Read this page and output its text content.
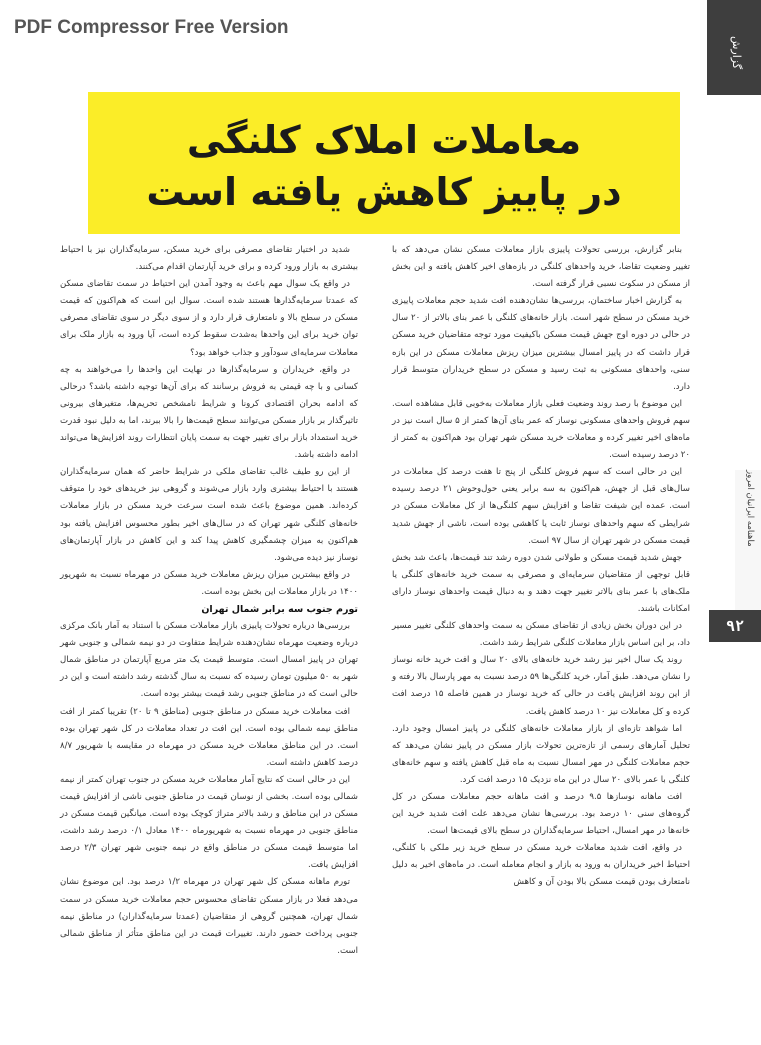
PDF Compressor Free Version
گزارش
ماهنامه ایرانیان امروز
۹۲
معاملات املاک کلنگی
در پاییز کاهش یافته است

بنابر گزارش، بررسی تحولات پاییزی بازار معاملات مسکن نشان می‌دهد که با تغییر وضعیت تقاضا، خرید واحدهای کلنگی در بازه‌های اخیر کاهش یافته و این بخش از مسکن در سکوت نسبی قرار گرفته است.

به گزارش اخبار ساختمان، بررسی‌ها نشان‌دهنده افت شدید حجم معاملات پاییزی خرید مسکن در سطح شهر است. بازار خانه‌های کلنگی با عمر بنای بالاتر از ۲۰ سال در حالی در دوره اوج جهش قیمت مسکن باکیفیت مورد توجه متقاضیان خرید مسکن قرار داشت که در پاییز امسال بیشترین میزان ریزش معاملات مسکن در این بازه سنی، واحدهای مسکونی به ثبت رسید و مسکن در سطح خریداران متوسط قرار دارد.

این موضوع با رصد روند وضعیت فعلی بازار معاملات به‌خوبی قابل مشاهده است. سهم فروش واحدهای مسکونی نوساز که عمر بنای آن‌ها کمتر از ۵ سال است نیز در ماه‌های اخیر تغییر کرده و معاملات خرید مسکن شهر تهران بود هم‌اکنون به کمتر از ۲۰ درصد رسیده است.

این در حالی است که سهم فروش کلنگی از پنج تا هفت درصد کل معاملات در سال‌های قبل از جهش، هم‌اکنون به سه برابر یعنی حول‌وحوش ۲۱ درصد رسیده است. عمده این شیفت تقاضا و افزایش سهم کلنگی‌ها از کل معاملات مسکن در شرایطی که سهم واحدهای نوساز ثابت یا کاهشی بوده است، ناشی از جهش شدید قیمت مسکن در شهر تهران از سال ۹۷ است.

جهش شدید قیمت مسکن و طولانی شدن دوره رشد تند قیمت‌ها، باعث شد بخش قابل توجهی از متقاضیان سرمایه‌ای و مصرفی به سمت خرید خانه‌های کلنگی یا ملک‌های با عمر بنای بالاتر تغییر جهت دهند و به دنبال قیمت واحدهای نوساز دارای امکانات باشند.

در این دوران بخش زیادی از تقاضای مسکن به سمت واحدهای کلنگی تغییر مسیر داد، بر این اساس بازار معاملات کلنگی شرایط رشد داشت.

روند یک سال اخیر نیز رشد خرید خانه‌های بالای ۲۰ سال و افت خرید خانه نوساز را نشان می‌دهد. طبق آمار، خرید کلنگی‌ها ۵۹ درصد نسبت به مهر پارسال بالا رفته و از این روند افزایش یافت در حالی که خرید نوساز در همین فاصله ۱۵ درصد افت کرده و کل معاملات نیز ۱۰ درصد کاهش یافت.

اما شواهد تازه‌ای از بازار معاملات خانه‌های کلنگی در پاییز امسال وجود دارد. تحلیل آمارهای رسمی از تازه‌ترین تحولات بازار مسکن در پاییز نشان می‌دهد که حجم معاملات کلنگی در مهر امسال نسبت به ماه قبل کاهش یافته و سهم خانه‌های کلنگی با عمر بالای ۲۰ سال در این ماه نزدیک ۱۵ درصد افت کرد.

افت ماهانه نوسازها ۹.۵ درصد و افت ماهانه حجم معاملات مسکن در کل گروه‌های سنی ۱۰ درصد بود. بررسی‌ها نشان می‌دهد علت افت شدید خرید این خانه‌ها در مهر امسال، احتیاط سرمایه‌گذاران در سطح بالای قیمت‌ها است.

در واقع، افت شدید معاملات خرید مسکن در سطح خرید زیر ملکی با کلنگی، احتیاط اخیر خریداران به ورود به بازار و انجام معامله است. در ماه‌های اخیر به دلیل نامتعارف بودن قیمت مسکن بالا بودن آن و کاهش

شدید در اختیار تقاضای مصرفی برای خرید مسکن، سرمایه‌گذاران نیز با احتیاط بیشتری به بازار ورود کرده و برای خرید آپارتمان اقدام می‌کنند.

در واقع یک سوال مهم باعث به وجود آمدن این احتیاط در سمت تقاضای مسکن که عمدتا سرمایه‌گذارها هستند شده است. سوال این است که هم‌اکنون که قیمت مسکن در سطح بالا و نامتعارف قرار دارد و از سوی دیگر در سوی تقاضای مصرفی توان خرید برای این واحدها به‌شدت سقوط کرده است، آیا ورود به بازار ملک برای معاملات سرمایه‌ای سودآور و جذاب خواهد بود؟

در واقع، خریداران و سرمایه‌گذارها در نهایت این واحدها را می‌خواهند به چه کسانی و با چه قیمتی به فروش برسانند که برای آن‌ها توجیه داشته باشد؟ درحالی که ادامه بحران اقتصادی کرونا و شرایط نامشخص تحریم‌ها، متغیرهای بیرونی تاثیرگذار بر بازار مسکن می‌توانند سطح قیمت‌ها را بالا ببرند، اما به دلیل نبود قدرت خرید استمداد بازار برای تغییر جهت به سمت پایان انتظارات روند افزایش‌ها می‌تواند ادامه داشته باشد.

از این رو طیف غالب تقاضای ملکی در شرایط حاضر که همان سرمایه‌گذاران هستند با احتیاط بیشتری وارد بازار می‌شوند و گروهی نیز خریدهای خود را متوقف کرده‌اند. همین موضوع باعث شده است سرعت خرید مسکن در بازار معاملات خانه‌های کلنگی شهر تهران که در سال‌های اخیر بطور محسوس افزایش یافته بود هم‌اکنون به میزان چشمگیری کاهش پیدا کند و این کاهش در بازار آپارتمان‌های نوساز نیز دیده می‌شود.

در واقع بیشترین میزان ریزش معاملات خرید مسکن در مهرماه نسبت به شهریور ۱۴۰۰ در بازار معاملات این بخش بوده است.

تورم جنوب سه برابر شمال تهران

بررسی‌ها درباره تحولات پاییزی بازار معاملات مسکن با استناد به آمار بانک مرکزی درباره وضعیت مهرماه نشان‌دهنده شرایط متفاوت در دو نیمه شمالی و جنوبی شهر تهران در پاییز امسال است. متوسط قیمت یک متر مربع آپارتمان در مناطق شمال شهر به ۵۰ میلیون تومان رسیده که نسبت به سال گذشته رشد داشته است و این در حالی است که در مناطق جنوبی رشد قیمت بیشتر بوده است.

افت معاملات خرید مسکن در مناطق جنوبی (مناطق ۹ تا ۲۰) تقریبا کمتر از افت مناطق نیمه شمالی بوده است. این افت در تعداد معاملات در کل شهر تهران بوده است. در این مناطق معاملات خرید مسکن در مهرماه در مقایسه با شهریور ۸/۷ درصد کاهش داشته است.

این در حالی است که نتایج آمار معاملات خرید مسکن در جنوب تهران کمتر از نیمه شمالی بوده است. بخشی از نوسان قیمت در مناطق جنوبی ناشی از افزایش قیمت مسکن در این مناطق و رشد بالاتر متراژ کوچک بوده است. میانگین قیمت مسکن در مناطق جنوبی در مهرماه نسبت به شهریورماه ۱۴۰۰ معادل ۰/۱ درصد رشد داشت، اما متوسط قیمت مسکن در مناطق واقع در نیمه جنوبی شهر تهران ۲/۳ درصد افزایش یافت.

تورم ماهانه مسکن کل شهر تهران در مهرماه ۱/۲ درصد بود. این موضوع نشان می‌دهد فعلا در بازار مسکن تقاضای محسوس حجم معاملات خرید مسکن در سمت شمال تهران، همچنین گروهی از متقاضیان (عمدتا سرمایه‌گذاران) در مناطق نیمه جنوبی پرداخت حضور دارند. تغییرات قیمت در این مناطق متأثر از مناطق شمالی است.
